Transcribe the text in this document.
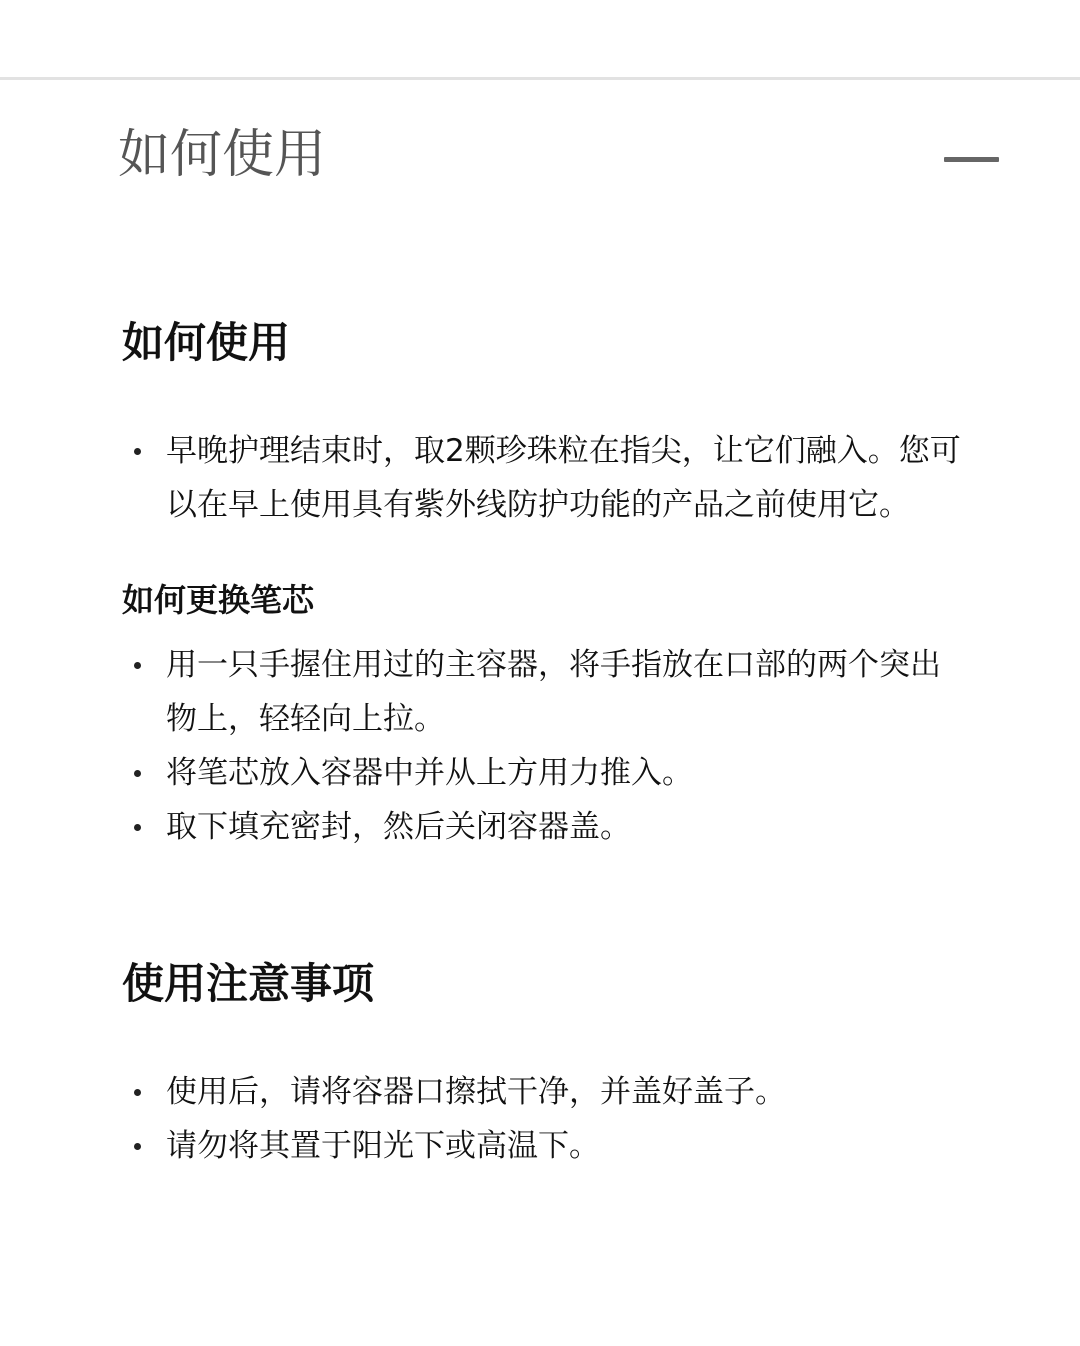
如何使用
如何使用
早晚护理结束时，取2颗珍珠粒在指尖，让它们融入。您可以在早上使用具有紫外线防护功能的产品之前使用它。
如何更换笔芯
用一只手握住用过的主容器，将手指放在口部的两个突出物上，轻轻向上拉。
将笔芯放入容器中并从上方用力推入。
取下填充密封，然后关闭容器盖。
使用注意事项
使用后，请将容器口擦拭干净，并盖好盖子。
请勿将其置于阳光下或高温下。
